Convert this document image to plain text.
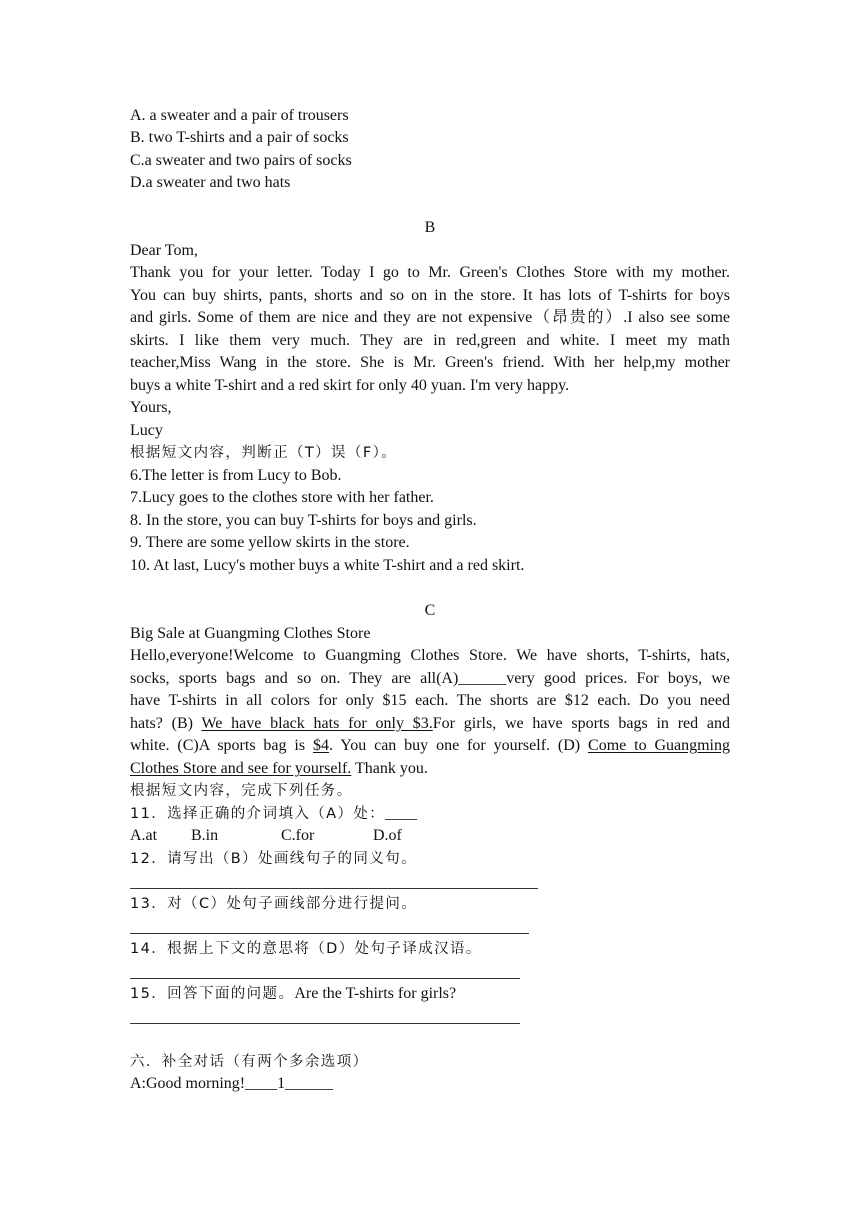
A. a sweater and a pair of trousers
B. two T-shirts and a pair of socks
C.a sweater and two pairs of socks
D.a sweater and two hats
B
Dear Tom,
Thank you for your letter. Today I go to Mr. Green's Clothes Store with my mother.
You can buy shirts, pants, shorts and so on in the store. It has lots of T-shirts for boys
and girls. Some of them are nice and they are not expensive（昂贵的）.I also see some
skirts. I like them very much. They are in red,green and white. I meet my math
teacher,Miss Wang in the store. She is Mr. Green's friend. With her help,my mother
buys a white T-shirt and a red skirt for only 40 yuan. I'm very happy.
Yours,
Lucy
根据短文内容，判断正（T）误（F）。
6.The letter is from Lucy to Bob.
7.Lucy goes to the clothes store with her father.
8. In the store, you can buy T-shirts for boys and girls.
9. There are some yellow skirts in the store.
10. At last, Lucy's mother buys a white T-shirt and a red skirt.
C
Big Sale at Guangming Clothes Store
Hello,everyone!Welcome to Guangming Clothes Store. We have shorts, T-shirts, hats,
socks, sports bags and so on. They are all(A)______very good prices. For boys, we
have T-shirts in all colors for only $15 each. The shorts are $12 each. Do you need
hats? (B) We have black hats for only $3.For girls, we have sports bags in red and
white. (C)A sports bag is $4. You can buy one for yourself. (D) Come to Guangming
Clothes Store and see for yourself. Thank you.
根据短文内容，完成下列任务。
11．选择正确的介词填入（A）处：____
A.at B.in	C.for	D.of
12．请写出（B）处画线句子的同义句。
13．对（C）处句子画线部分进行提问。
14．根据上下文的意思将（D）处句子译成汉语。
15．回答下面的问题。Are the T-shirts for girls?
六．补全对话（有两个多余选项）
A:Good morning!____1______
